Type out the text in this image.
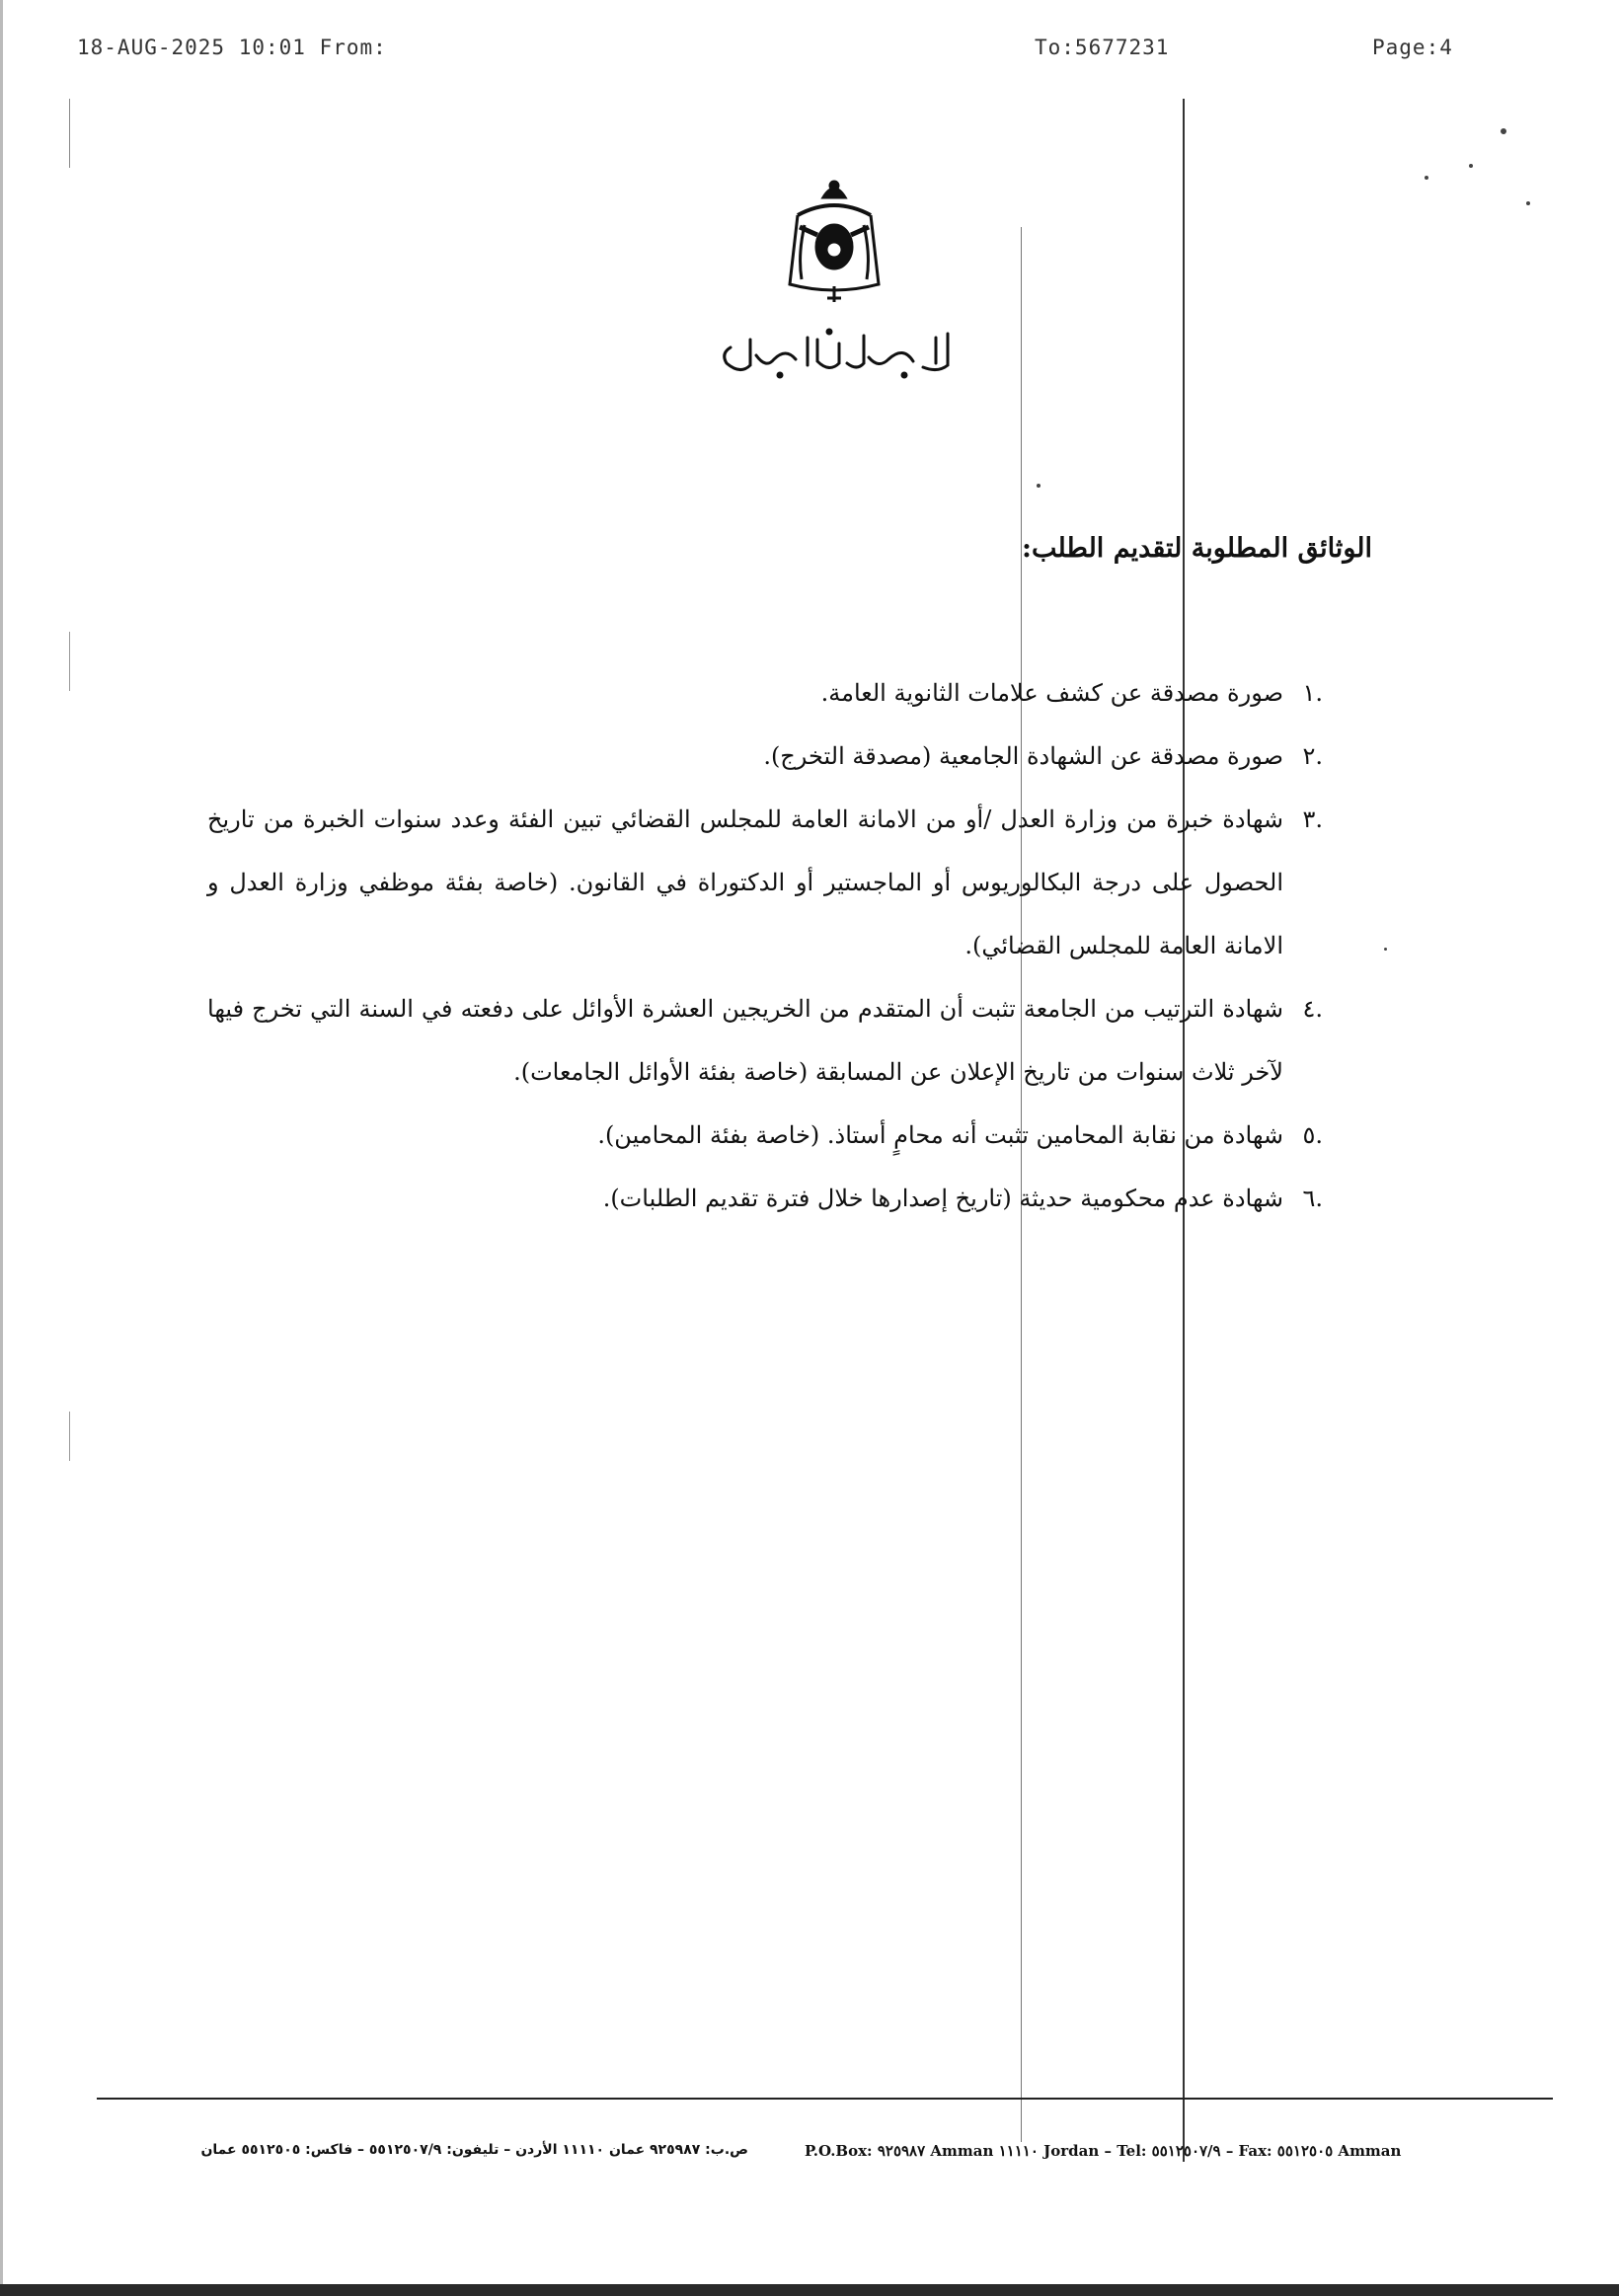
18-AUG-2025 10:01 From:	To:5677231	Page:4
الوثائق المطلوبة لتقديم الطلب:
.١
صورة مصدقة عن كشف علامات الثانوية العامة.
.٢
صورة مصدقة عن الشهادة الجامعية (مصدقة التخرج).
.٣
شهادة خبرة من وزارة العدل /أو من الامانة العامة للمجلس القضائي تبين الفئة وعدد سنوات الخبرة من تاريخ الحصول على درجة البكالوريوس أو الماجستير أو الدكتوراة في القانون. (خاصة بفئة موظفي وزارة العدل و الامانة العامة للمجلس القضائي).
.٤
شهادة الترتيب من الجامعة تثبت أن المتقدم من الخريجين العشرة الأوائل على دفعته في السنة التي تخرج فيها لآخر ثلاث سنوات من تاريخ الإعلان عن المسابقة (خاصة بفئة الأوائل الجامعات).
.٥
شهادة من نقابة المحامين تثبت أنه محامٍ أستاذ. (خاصة بفئة المحامين).
.٦
شهادة عدم محكومية حديثة (تاريخ إصدارها خلال فترة تقديم الطلبات).
ص.ب: ٩٢٥٩٨٧ عمان ١١١١٠ الأردن – تليفون: ٥٥١٢٥٠٧/٩ – فاكس: ٥٥١٢٥٠٥ عمان	P.O.Box: ٩٢٥٩٨٧ Amman ١١١١٠ Jordan – Tel: ٥٥١٢٥٠٧/٩ – Fax: ٥٥١٢٥٠٥ Amman
